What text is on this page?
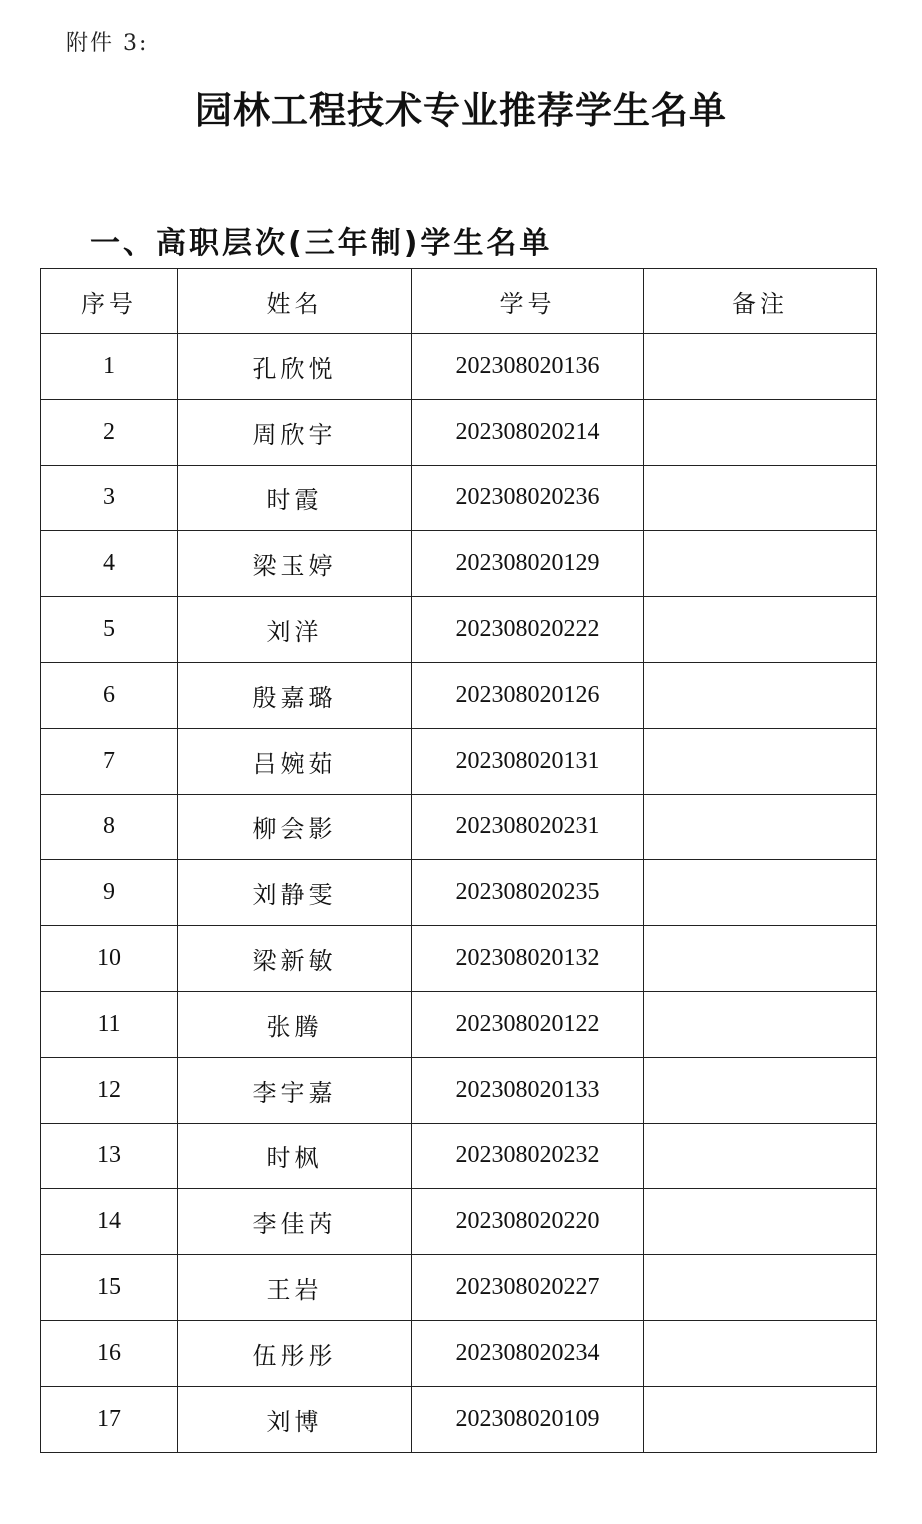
附件 3:
园林工程技术专业推荐学生名单
一、高职层次(三年制)学生名单
序号	姓名	学号	备注
1	孔欣悦	202308020136	
2	周欣宇	202308020214	
3	时霞	202308020236	
4	梁玉婷	202308020129	
5	刘洋	202308020222	
6	殷嘉璐	202308020126	
7	吕婉茹	202308020131	
8	柳会影	202308020231	
9	刘静雯	202308020235	
10	梁新敏	202308020132	
11	张腾	202308020122	
12	李宇嘉	202308020133	
13	时枫	202308020232	
14	李佳芮	202308020220	
15	王岩	202308020227	
16	伍彤彤	202308020234	
17	刘博	202308020109	
